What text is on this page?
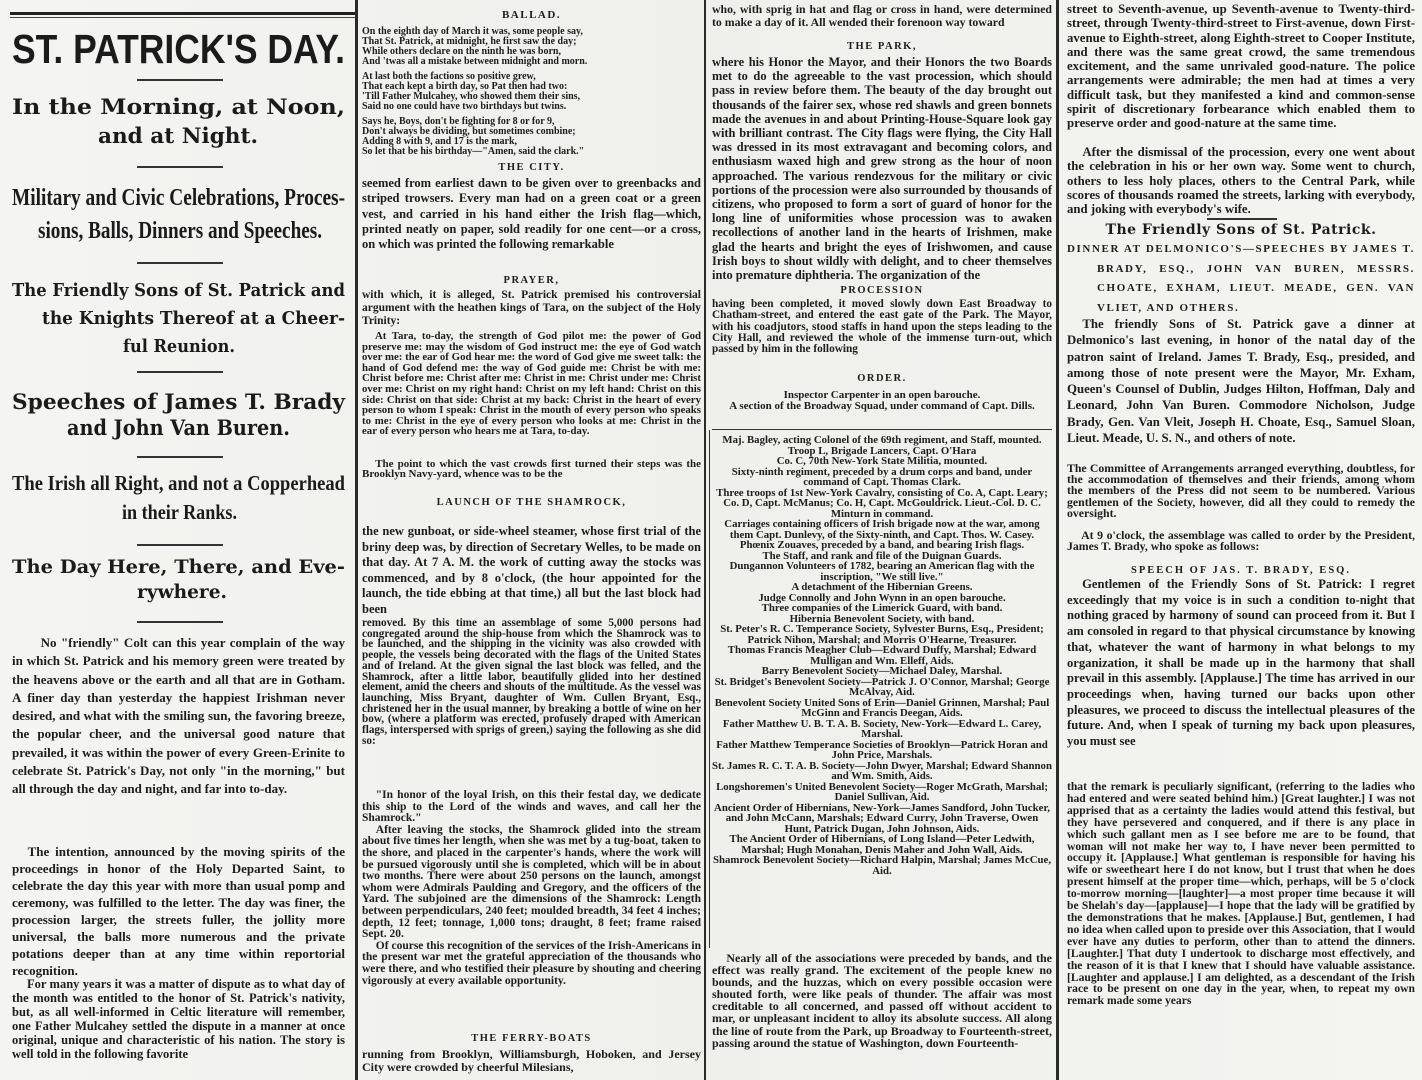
ST. PATRICK'S DAY.
In the Morning, at Noon,
and at Night.
Military and Civic Celebrations, Proces-
sions, Balls, Dinners and Speeches.
The Friendly Sons of St. Patrick and
the Knights Thereof at a Cheer-
ful Reunion.
Speeches of James T. Brady
and John Van Buren.
The Irish all Right, and not a Copperhead
in their Ranks.
The Day Here, There, and Eve-
rywhere.

No "friendly" Colt can this year complain of the way in which St. Patrick and his memory green were treated by the heavens above or the earth and all that are in Gotham. A finer day than yesterday the happiest Irishman never desired, and what with the smiling sun, the favoring breeze, the popular cheer, and the universal good nature that prevailed, it was within the power of every Green-Erinite to celebrate St. Patrick's Day, not only "in the morning," but all through the day and night, and far into to-day.

The intention, announced by the moving spirits of the proceedings in honor of the Holy Departed Saint, to celebrate the day this year with more than usual pomp and ceremony, was fulfilled to the letter. The day was finer, the procession larger, the streets fuller, the jollity more universal, the balls more numerous and the private potations deeper than at any time within reportorial recognition.

For many years it was a matter of dispute as to what day of the month was entitled to the honor of St. Patrick's nativity, but, as all well-informed in Celtic literature will remember, one Father Mulcahey settled the dispute in a manner at once original, unique and characteristic of his nation. The story is well told in the following favorite

BALLAD.
On the eighth day of March it was, some people say,
That St. Patrick, at midnight, he first saw the day;
While others declare on the ninth he was born,
And 'twas all a mistake between midnight and morn.
At last both the factions so positive grew,
That each kept a birth day, so Pat then had two:
'Till Father Mulcahey, who showed them their sins,
Said no one could have two birthdays but twins.
Says he, Boys, don't be fighting for 8 or for 9,
Don't always be dividing, but sometimes combine;
Adding 8 with 9, and 17 is the mark,
So let that be his birthday—"Amen, said the clark."
THE CITY.

seemed from earliest dawn to be given over to greenbacks and striped trowsers. Every man had on a green coat or a green vest, and carried in his hand either the Irish flag—which, printed neatly on paper, sold readily for one cent—or a cross, on which was printed the following remarkable

PRAYER,

with which, it is alleged, St. Patrick premised his controversial argument with the heathen kings of Tara, on the subject of the Holy Trinity:

At Tara, to-day, the strength of God pilot me: the power of God preserve me: may the wisdom of God instruct me: the eye of God watch over me: the ear of God hear me: the word of God give me sweet talk: the hand of God defend me: the way of God guide me: Christ be with me: Christ before me: Christ after me: Christ in me: Christ under me: Christ over me: Christ on my right hand: Christ on my left hand: Christ on this side: Christ on that side: Christ at my back: Christ in the heart of every person to whom I speak: Christ in the mouth of every person who speaks to me: Christ in the eye of every person who looks at me: Christ in the ear of every person who hears me at Tara, to-day.

The point to which the vast crowds first turned their steps was the Brooklyn Navy-yard, whence was to be the

LAUNCH OF THE SHAMROCK,

the new gunboat, or side-wheel steamer, whose first trial of the briny deep was, by direction of Secretary Welles, to be made on that day. At 7 A. M. the work of cutting away the stocks was commenced, and by 8 o'clock, (the hour appointed for the launch, the tide ebbing at that time,) all but the last block had been

removed. By this time an assemblage of some 5,000 persons had congregated around the ship-house from which the Shamrock was to be launched, and the shipping in the vicinity was also crowded with people, the vessels being decorated with the flags of the United States and of Ireland. At the given signal the last block was felled, and the Shamrock, after a little labor, beautifully glided into her destined element, amid the cheers and shouts of the multitude. As the vessel was launching, Miss Bryant, daughter of Wm. Cullen Bryant, Esq., christened her in the usual manner, by breaking a bottle of wine on her bow, (where a platform was erected, profusely draped with American flags, interspersed with sprigs of green,) saying the following as she did so:

"In honor of the loyal Irish, on this their festal day, we dedicate this ship to the Lord of the winds and waves, and call her the Shamrock."

After leaving the stocks, the Shamrock glided into the stream about five times her length, when she was met by a tug-boat, taken to the shore, and placed in the carpenter's hands, where the work will be pursued vigorously until she is completed, which will be in about two months. There were about 250 persons on the launch, amongst whom were Admirals Paulding and Gregory, and the officers of the Yard. The subjoined are the dimensions of the Shamrock: Length between perpendiculars, 240 feet; moulded breadth, 34 feet 4 inches; depth, 12 feet; tonnage, 1,000 tons; draught, 8 feet; frame raised Sept. 20.

Of course this recognition of the services of the Irish-Americans in the present war met the grateful appreciation of the thousands who were there, and who testified their pleasure by shouting and cheering vigorously at every available opportunity.

THE FERRY-BOATS

running from Brooklyn, Williamsburgh, Hoboken, and Jersey City were crowded by cheerful Milesians,

who, with sprig in hat and flag or cross in hand, were determined to make a day of it. All wended their forenoon way toward

THE PARK,

where his Honor the Mayor, and their Honors the two Boards met to do the agreeable to the vast procession, which should pass in review before them. The beauty of the day brought out thousands of the fairer sex, whose red shawls and green bonnets made the avenues in and about Printing-House-Square look gay with brilliant contrast. The City flags were flying, the City Hall was dressed in its most extravagant and becoming colors, and enthusiasm waxed high and grew strong as the hour of noon approached. The various rendezvous for the military or civic portions of the procession were also surrounded by thousands of citizens, who proposed to form a sort of guard of honor for the long line of uniformities whose procession was to awaken recollections of another land in the hearts of Irishmen, make glad the hearts and bright the eyes of Irishwomen, and cause Irish boys to shout wildly with delight, and to cheer themselves into premature diphtheria. The organization of the

PROCESSION

having been completed, it moved slowly down East Broadway to Chatham-street, and entered the east gate of the Park. The Mayor, with his coadjutors, stood staffs in hand upon the steps leading to the City Hall, and reviewed the whole of the immense turn-out, which passed by him in the following

ORDER.

Inspector Carpenter in an open barouche.

A section of the Broadway Squad, under command of Capt. Dills.

Maj. Bagley, acting Colonel of the 69th regiment, and Staff, mounted.

Troop L, Brigade Lancers, Capt. O'Hara

Co. C, 70th New-York State Militia, mounted.

Sixty-ninth regiment, preceded by a drum corps and band, under command of Capt. Thomas Clark.

Three troops of 1st New-York Cavalry, consisting of Co. A, Capt. Leary; Co. D, Capt. McManus; Co. H, Capt. McGouldrick. Lieut.-Col. D. C. Minturn in command.

Carriages containing officers of Irish brigade now at the war, among them Capt. Dunlevy, of the Sixty-ninth, and Capt. Thos. W. Casey.

Phœnix Zouaves, preceded by a band, and bearing Irish flags.

The Staff, and rank and file of the Duignan Guards.

Dungannon Volunteers of 1782, bearing an American flag with the inscription, "We still live."

A detachment of the Hibernian Greens.

Judge Connolly and John Wynn in an open barouche.

Three companies of the Limerick Guard, with band.

Hibernia Benevolent Society, with band.

St. Peter's R. C. Temperance Society, Sylvester Burns, Esq., President; Patrick Nihon, Marshal; and Morris O'Hearne, Treasurer.

Thomas Francis Meagher Club—Edward Duffy, Marshal; Edward Mulligan and Wm. Elleff, Aids.

Barry Benevolent Society—Michael Daley, Marshal.

St. Bridget's Benevolent Society—Patrick J. O'Connor, Marshal; George McAlvay, Aid.

Benevolent Society United Sons of Erin—Daniel Grinnen, Marshal; Paul McGinn and Francis Deegan, Aids.

Father Matthew U. B. T. A. B. Society, New-York—Edward L. Carey, Marshal.

Father Matthew Temperance Societies of Brooklyn—Patrick Horan and John Price, Marshals.

St. James R. C. T. A. B. Society—John Dwyer, Marshal; Edward Shannon and Wm. Smith, Aids.

Longshoremen's United Benevolent Society—Roger McGrath, Marshal; Daniel Sullivan, Aid.

Ancient Order of Hibernians, New-York—James Sandford, John Tucker, and John McCann, Marshals; Edward Curry, John Traverse, Owen Hunt, Patrick Dugan, John Johnson, Aids.

The Ancient Order of Hibernians, of Long Island—Peter Ledwith, Marshal; Hugh Monahan, Denis Maher and John Wall, Aids.

Shamrock Benevolent Society—Richard Halpin, Marshal; James McCue, Aid.

Nearly all of the associations were preceded by bands, and the effect was really grand. The excitement of the people knew no bounds, and the huzzas, which on every possible occasion were shouted forth, were like peals of thunder. The affair was most creditable to all concerned, and passed off without accident to mar, or unpleasant incident to alloy its absolute success. All along the line of route from the Park, up Broadway to Fourteenth-street, passing around the statue of Washington, down Fourteenth-

street to Seventh-avenue, up Seventh-avenue to Twenty-third-street, through Twenty-third-street to First-avenue, down First-avenue to Eighth-street, along Eighth-street to Cooper Institute, and there was the same great crowd, the same tremendous excitement, and the same unrivaled good-nature. The police arrangements were admirable; the men had at times a very difficult task, but they manifested a kind and common-sense spirit of discretionary forbearance which enabled them to preserve order and good-nature at the same time.

After the dismissal of the procession, every one went about the celebration in his or her own way. Some went to church, others to less holy places, others to the Central Park, while scores of thousands roamed the streets, larking with everybody, and joking with everybody's wife.

The Friendly Sons of St. Patrick.

DINNER AT DELMONICO'S—SPEECHES BY JAMES T. BRADY, ESQ., JOHN VAN BUREN, MESSRS. CHOATE, EXHAM, LIEUT. MEADE, GEN. VAN VLIET, AND OTHERS.

The friendly Sons of St. Patrick gave a dinner at Delmonico's last evening, in honor of the natal day of the patron saint of Ireland. James T. Brady, Esq., presided, and among those of note present were the Mayor, Mr. Exham, Queen's Counsel of Dublin, Judges Hilton, Hoffman, Daly and Leonard, John Van Buren. Commodore Nicholson, Judge Brady, Gen. Van Vleit, Joseph H. Choate, Esq., Samuel Sloan, Lieut. Meade, U. S. N., and others of note.

The Committee of Arrangements arranged everything, doubtless, for the accommodation of themselves and their friends, among whom the members of the Press did not seem to be numbered. Various gentlemen of the Society, however, did all they could to remedy the oversight.

At 9 o'clock, the assemblage was called to order by the President, James T. Brady, who spoke as follows:

SPEECH OF JAS. T. BRADY, ESQ.

Gentlemen of the Friendly Sons of St. Patrick: I regret exceedingly that my voice is in such a condition to-night that nothing graced by harmony of sound can proceed from it. But I am consoled in regard to that physical circumstance by knowing that, whatever the want of harmony in what belongs to my organization, it shall be made up in the harmony that shall prevail in this assembly. [Applause.] The time has arrived in our proceedings when, having turned our backs upon other pleasures, we proceed to discuss the intellectual pleasures of the future. And, when I speak of turning my back upon pleasures, you must see

that the remark is peculiarly significant, (referring to the ladies who had entered and were seated behind him.) [Great laughter.] I was not apprised that as a certainty the ladies would attend this festival, but they have persevered and conquered, and if there is any place in which such gallant men as I see before me are to be found, that woman will not make her way to, I have never been permitted to occupy it. [Applause.] What gentleman is responsible for having his wife or sweetheart here I do not know, but I trust that when he does present himself at the proper time—which, perhaps, will be 5 o'clock to-morrow morning—[laughter]—a most proper time because it will be Shelah's day—[applause]—I hope that the lady will be gratified by the demonstrations that he makes. [Applause.] But, gentlemen, I had no idea when called upon to preside over this Association, that I would ever have any duties to perform, other than to attend the dinners. [Laughter.] That duty I undertook to discharge most effectively, and the reason of it is that I knew that I should have valuable assistance. [Laughter and applause.] I am delighted, as a descendant of the Irish race to be present on one day in the year, when, to repeat my own remark made some years
